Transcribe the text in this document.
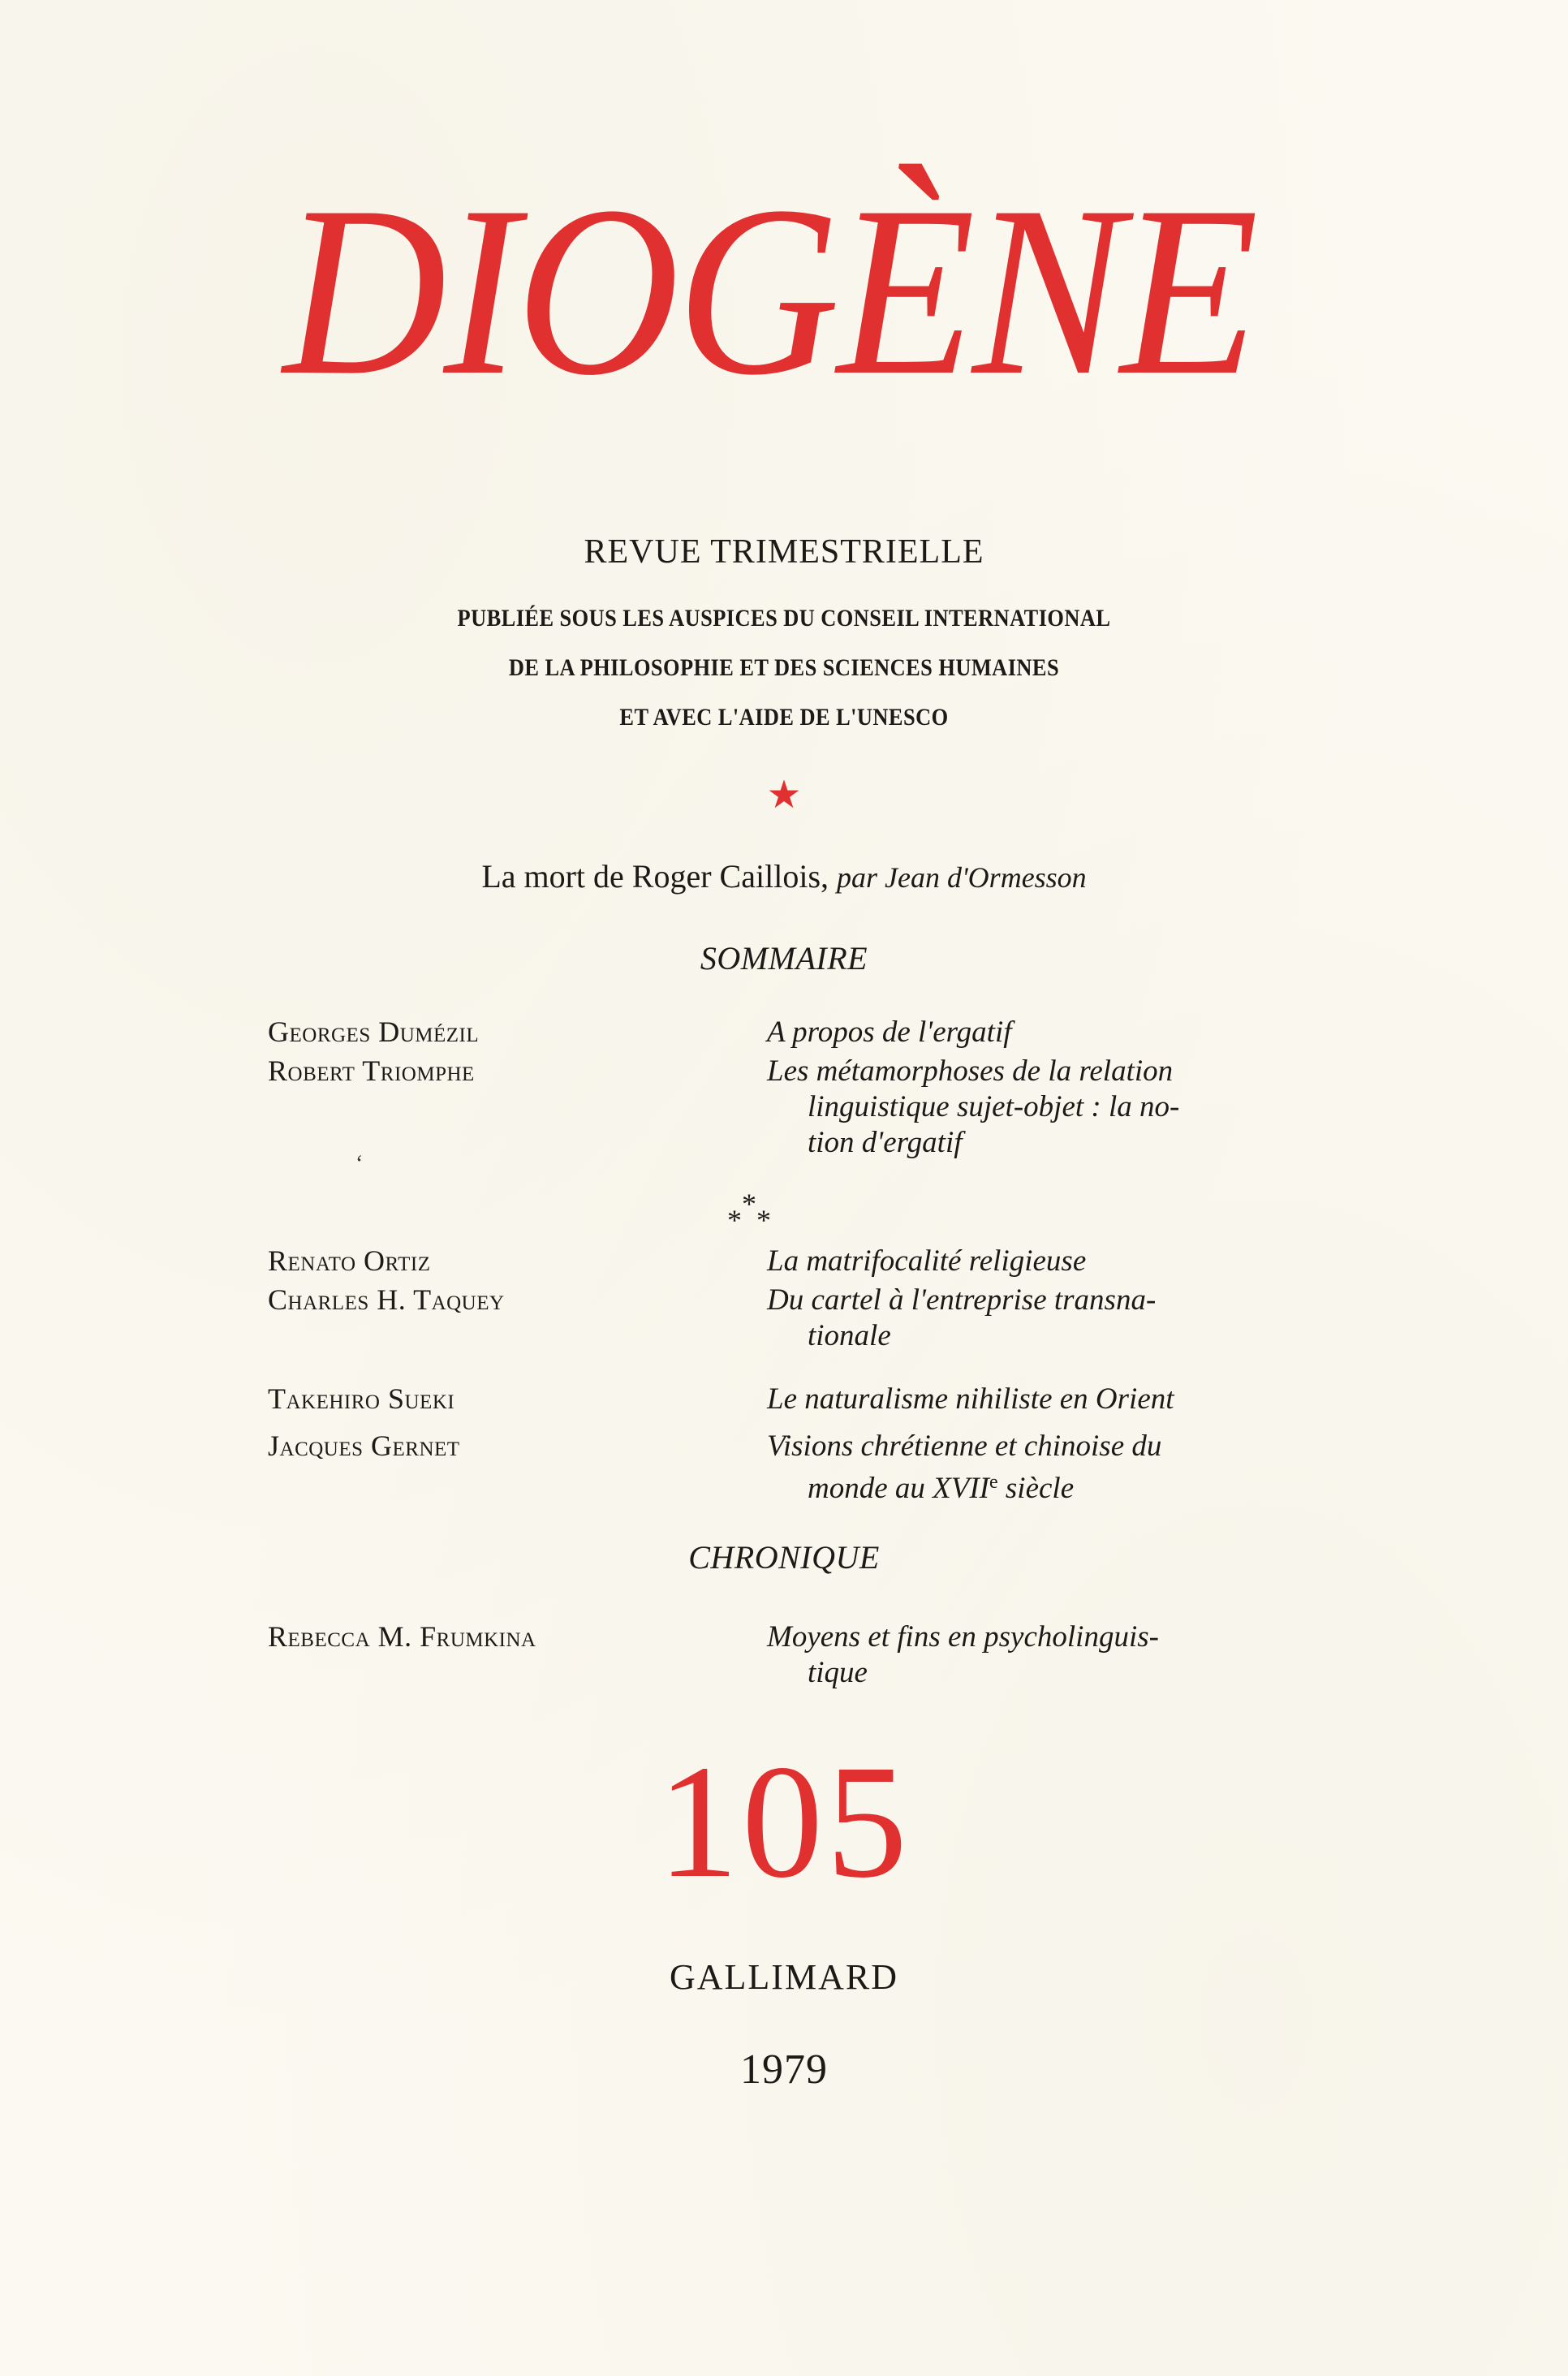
DIOGÈNE
REVUE TRIMESTRIELLE
PUBLIÉE SOUS LES AUSPICES DU CONSEIL INTERNATIONAL
DE LA PHILOSOPHIE ET DES SCIENCES HUMAINES
ET AVEC L'AIDE DE L'UNESCO
★
La mort de Roger Caillois, par Jean d'Ormesson
SOMMAIRE
Georges Dumézil	A propos de l'ergatif
Robert Triomphe	Les métamorphoses de la relation
linguistique sujet-objet : la no-
tion d'ergatif
ʻ
*
* *
Renato Ortiz	La matrifocalité religieuse
Charles H. Taquey	Du cartel à l'entreprise transna-
tionale
Takehiro Sueki	Le naturalisme nihiliste en Orient
Jacques Gernet	Visions chrétienne et chinoise du
monde au XVIIe siècle
CHRONIQUE
Rebecca M. Frumkina	Moyens et fins en psycholinguis-
tique
105
GALLIMARD
1979
